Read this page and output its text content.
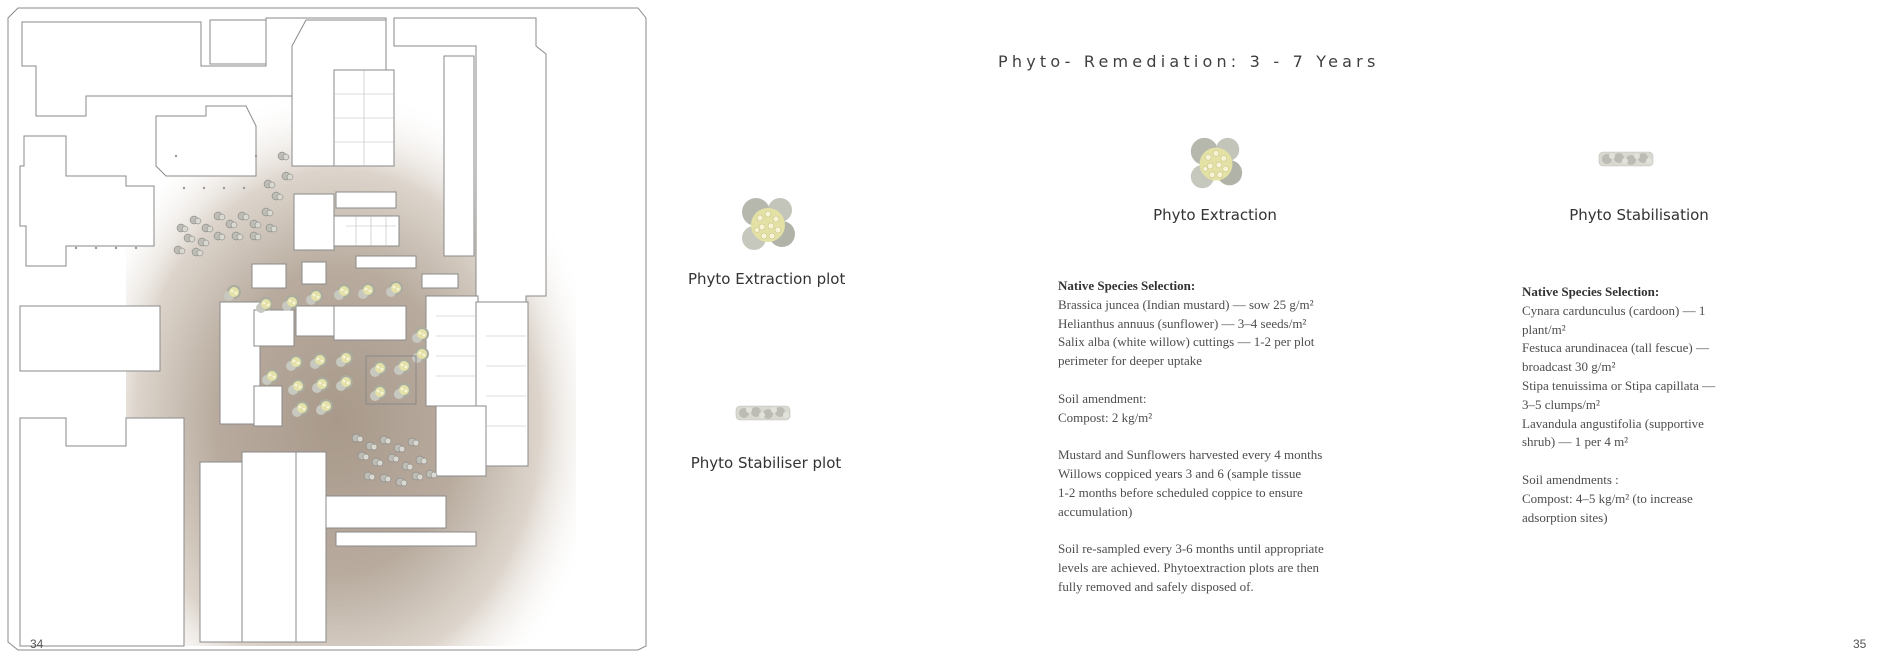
34
Phyto- Remediation: 3 - 7 Years
Phyto Extraction plot
Phyto Stabiliser plot
Phyto Extraction	Phyto Stabilisation
Native Species Selection:
Brassica juncea (Indian mustard) — sow 25 g/m²
Helianthus annuus (sunflower) — 3–4 seeds/m²
Salix alba (white willow) cuttings — 1-2 per plot
perimeter for deeper uptake
Soil amendment:
Compost: 2 kg/m²
Mustard and Sunflowers harvested every 4 months
Willows coppiced years 3 and 6 (sample tissue
1-2 months before scheduled coppice to ensure
accumulation)
Soil re-sampled every 3-6 months until appropriate
levels are achieved. Phytoextraction plots are then
fully removed and safely disposed of.
Native Species Selection:
Cynara cardunculus (cardoon) — 1
plant/m²
Festuca arundinacea (tall fescue) —
broadcast 30 g/m²
Stipa tenuissima or Stipa capillata —
3–5 clumps/m²
Lavandula angustifolia (supportive
shrub) — 1 per 4 m²
Soil amendments :
Compost: 4–5 kg/m² (to increase
adsorption sites)
35
